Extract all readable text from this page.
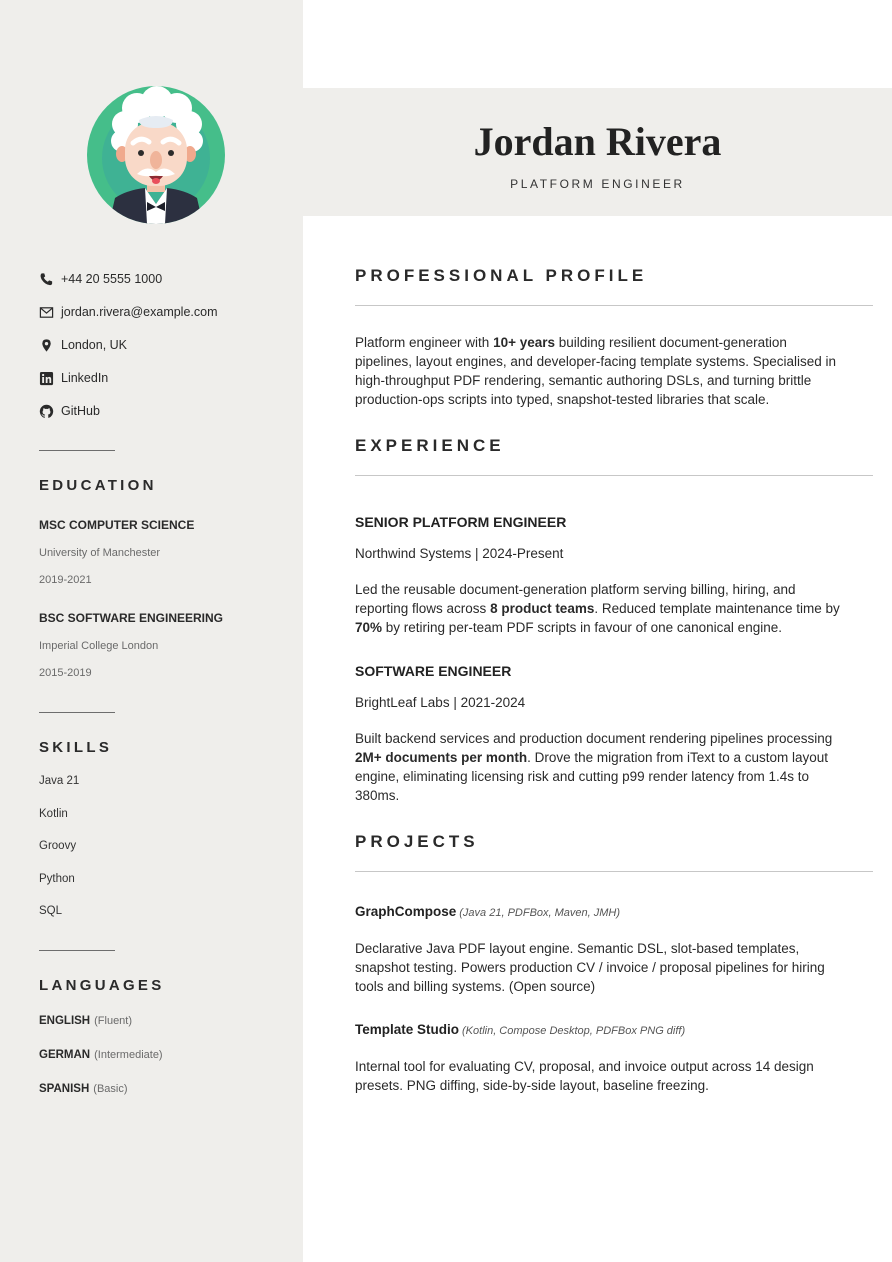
+44 20 5555 1000
jordan.rivera@example.com
London, UK
LinkedIn
GitHub
EDUCATION
MSC COMPUTER SCIENCE
University of Manchester
2019-2021
BSC SOFTWARE ENGINEERING
Imperial College London
2015-2019
SKILLS
Java 21
Kotlin
Groovy
Python
SQL
LANGUAGES
ENGLISH (Fluent)
GERMAN (Intermediate)
SPANISH (Basic)
Jordan Rivera
PLATFORM ENGINEER
PROFESSIONAL PROFILE
Platform engineer with 10+ years building resilient document-generation pipelines, layout engines, and developer-facing template systems. Specialised in high-throughput PDF rendering, semantic authoring DSLs, and turning brittle production-ops scripts into typed, snapshot-tested libraries that scale.
EXPERIENCE
SENIOR PLATFORM ENGINEER
Northwind Systems | 2024-Present
Led the reusable document-generation platform serving billing, hiring, and reporting flows across 8 product teams. Reduced template maintenance time by 70% by retiring per-team PDF scripts in favour of one canonical engine.
SOFTWARE ENGINEER
BrightLeaf Labs | 2021-2024
Built backend services and production document rendering pipelines processing 2M+ documents per month. Drove the migration from iText to a custom layout engine, eliminating licensing risk and cutting p99 render latency from 1.4s to 380ms.
PROJECTS
GraphCompose (Java 21, PDFBox, Maven, JMH)
Declarative Java PDF layout engine. Semantic DSL, slot-based templates, snapshot testing. Powers production CV / invoice / proposal pipelines for hiring tools and billing systems. (Open source)
Template Studio (Kotlin, Compose Desktop, PDFBox PNG diff)
Internal tool for evaluating CV, proposal, and invoice output across 14 design presets. PNG diffing, side-by-side layout, baseline freezing.
